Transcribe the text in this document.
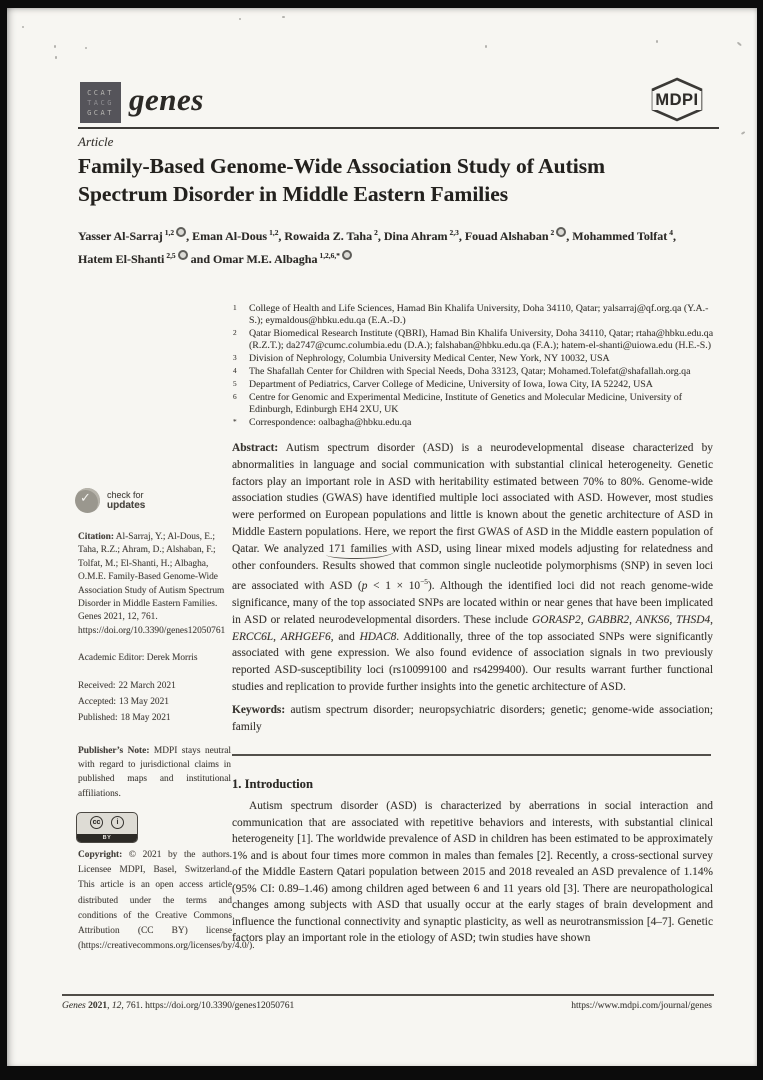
CCAT
TACG
GCAT genes	MDPI
Article
Family-Based Genome-Wide Association Study of Autism
Spectrum Disorder in Middle Eastern Families
Yasser Al-Sarraj $^{1,2}$ , Eman Al-Dous $^{1,2}$, Rowaida Z. Taha $^2$, Dina Ahram $^{2,3}$, Fouad Alshaban $^2$ , Mohammed Tolfat $^4$, Hatem El-Shanti $^{2,5}$ and Omar M.E. Albagha $^{1,2,6,*}$
1 College of Health and Life Sciences, Hamad Bin Khalifa University, Doha 34110, Qatar; yalsarraj@qf.org.qa (Y.A.-S.); eymaldous@hbku.edu.qa (E.A.-D.)
2 Qatar Biomedical Research Institute (QBRI), Hamad Bin Khalifa University, Doha 34110, Qatar; rtaha@hbku.edu.qa (R.Z.T.); da2747@cumc.columbia.edu (D.A.); falshaban@hbku.edu.qa (F.A.); hatem-el-shanti@uiowa.edu (H.E.-S.)
3 Division of Nephrology, Columbia University Medical Center, New York, NY 10032, USA
4 The Shafallah Center for Children with Special Needs, Doha 33123, Qatar; Mohamed.Tolefat@shafallah.org.qa
5 Department of Pediatrics, Carver College of Medicine, University of Iowa, Iowa City, IA 52242, USA
6 Centre for Genomic and Experimental Medicine, Institute of Genetics and Molecular Medicine, University of Edinburgh, Edinburgh EH4 2XU, UK
* Correspondence: oalbagha@hbku.edu.qa
Abstract: Autism spectrum disorder (ASD) is a neurodevelopmental disease characterized by abnormalities in language and social communication with substantial clinical heterogeneity. Genetic factors play an important role in ASD with heritability estimated between 70% to 80%. Genome-wide association studies (GWAS) have identified multiple loci associated with ASD. However, most studies were performed on European populations and little is known about the genetic architecture of ASD in Middle Eastern populations. Here, we report the first GWAS of ASD in the Middle eastern population of Qatar. We analyzed 171 families with ASD, using linear mixed models adjusting for relatedness and other confounders. Results showed that common single nucleotide polymorphisms (SNP) in seven loci are associated with ASD $(p < 1 \times 10^{-5})$. Although the identified loci did not reach genome-wide significance, many of the top associated SNPs are located within or near genes that have been implicated in ASD or related neurodevelopmental disorders. These include GORASP2, GABBR2, ANKS6, THSD4, ERCC6L, ARHGEF6, and HDAC8. Additionally, three of the top associated SNPs were significantly associated with gene expression. We also found evidence of association signals in two previously reported ASD-susceptibility loci (rs10099100 and rs4299400). Our results warrant further functional studies and replication to provide further insights into the genetic architecture of ASD.
Keywords: autism spectrum disorder; neuropsychiatric disorders; genetic; genome-wide association; family
1. Introduction
Autism spectrum disorder (ASD) is characterized by aberrations in social interaction and communication that are associated with repetitive behaviors and interests, with substantial clinical heterogeneity [1]. The worldwide prevalence of ASD in children has been estimated to be approximately 1% and is about four times more common in males than females [2]. Recently, a cross-sectional survey of the Middle Eastern Qatari population between 2015 and 2018 revealed an ASD prevalence of 1.14% (95% CI: 0.89–1.46) among children aged between 6 and 11 years old [3]. There are neuropathological changes among subjects with ASD that usually occur at the early stages of brain development and influence the functional connectivity and synaptic plasticity, as well as neurotransmission [4–7]. Genetic factors play an important role in the etiology of ASD; twin studies have shown
✓
check for
updates
Citation: Al-Sarraj, Y.; Al-Dous, E.; Taha, R.Z.; Ahram, D.; Alshaban, F.; Tolfat, M.; El-Shanti, H.; Albagha, O.M.E. Family-Based Genome-Wide Association Study of Autism Spectrum Disorder in Middle Eastern Families. Genes 2021, 12, 761. https://doi.org/10.3390/genes12050761
Academic Editor: Derek Morris
Received: 22 March 2021
Accepted: 13 May 2021
Published: 18 May 2021
Publisher’s Note: MDPI stays neutral with regard to jurisdictional claims in published maps and institutional affiliations.
cc	i
BY
Copyright: © 2021 by the authors. Licensee MDPI, Basel, Switzerland. This article is an open access article distributed under the terms and conditions of the Creative Commons Attribution (CC BY) license (https://creativecommons.org/licenses/by/4.0/).
Genes 2021, 12, 761. https://doi.org/10.3390/genes12050761	https://www.mdpi.com/journal/genes
